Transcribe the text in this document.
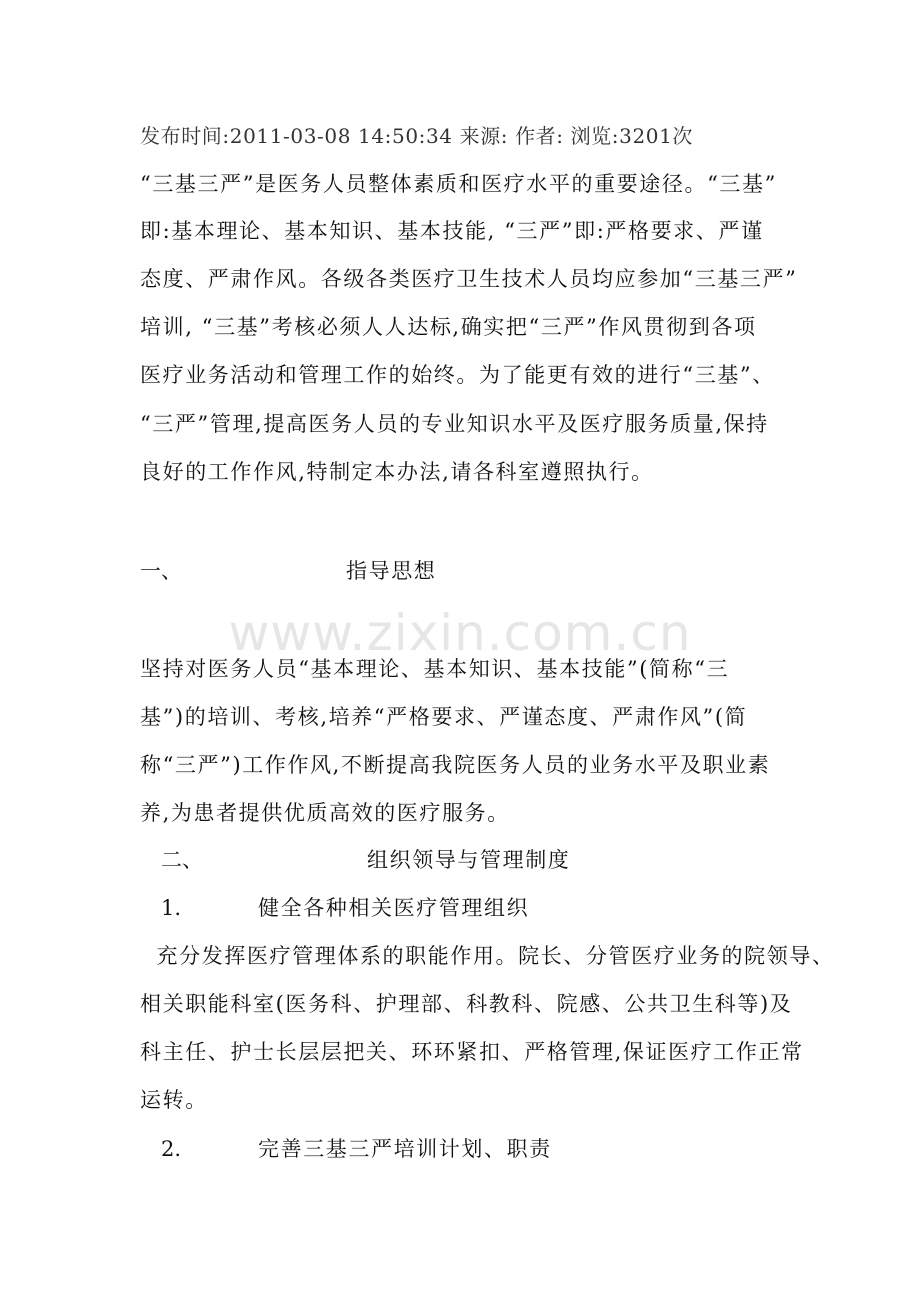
发布时间:2011-03-08 14:50:34 来源: 作者: 浏览:3201次
“三基三严”是医务人员整体素质和医疗水平的重要途径。“三基”
即:基本理论、基本知识、基本技能, “三严”即:严格要求、严谨
态度、严肃作风。各级各类医疗卫生技术人员均应参加“三基三严”
培训, “三基”考核必须人人达标,确实把“三严”作风贯彻到各项
医疗业务活动和管理工作的始终。为了能更有效的进行“三基”、
“三严”管理,提高医务人员的专业知识水平及医疗服务质量,保持
良好的工作作风,特制定本办法,请各科室遵照执行。
一、	指导思想
www.zixin.com.cn
坚持对医务人员“基本理论、基本知识、基本技能”(简称“三
基”)的培训、考核,培养“严格要求、严谨态度、严肃作风”(简
称“三严”)工作作风,不断提高我院医务人员的业务水平及职业素
养,为患者提供优质高效的医疗服务。
二、	组织领导与管理制度
1.	健全各种相关医疗管理组织
充分发挥医疗管理体系的职能作用。院长、分管医疗业务的院领导、
相关职能科室(医务科、护理部、科教科、院感、公共卫生科等)及
科主任、护士长层层把关、环环紧扣、严格管理,保证医疗工作正常
运转。
2.	完善三基三严培训计划、职责
